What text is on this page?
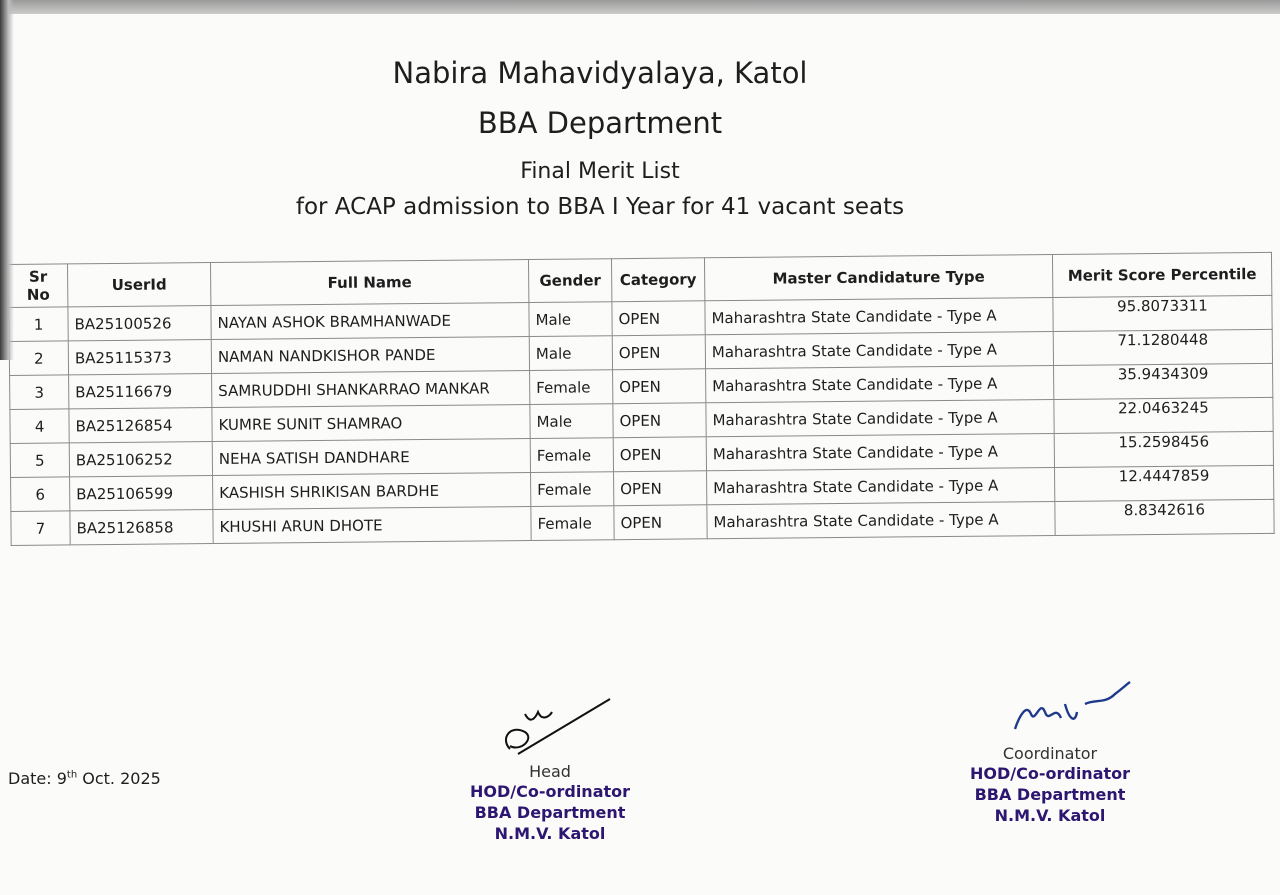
Nabira Mahavidyalaya, Katol
BBA Department
Final Merit List
for ACAP admission to BBA I Year for 41 vacant seats
Sr No	UserId	Full Name	Gender	Category	Master Candidature Type	Merit Score Percentile
1	BA25100526	NAYAN ASHOK BRAMHANWADE	Male	OPEN	Maharashtra State Candidate - Type A	95.8073311
2	BA25115373	NAMAN NANDKISHOR PANDE	Male	OPEN	Maharashtra State Candidate - Type A	71.1280448
3	BA25116679	SAMRUDDHI SHANKARRAO MANKAR	Female	OPEN	Maharashtra State Candidate - Type A	35.9434309
4	BA25126854	KUMRE SUNIT SHAMRAO	Male	OPEN	Maharashtra State Candidate - Type A	22.0463245
5	BA25106252	NEHA SATISH DANDHARE	Female	OPEN	Maharashtra State Candidate - Type A	15.2598456
6	BA25106599	KASHISH SHRIKISAN BARDHE	Female	OPEN	Maharashtra State Candidate - Type A	12.4447859
7	BA25126858	KHUSHI ARUN DHOTE	Female	OPEN	Maharashtra State Candidate - Type A	8.8342616
Date: 9th Oct. 2025	Head
HOD/Co-ordinator
BBA Department
N.M.V. Katol
Coordinator
HOD/Co-ordinator
BBA Department
N.M.V. Katol
